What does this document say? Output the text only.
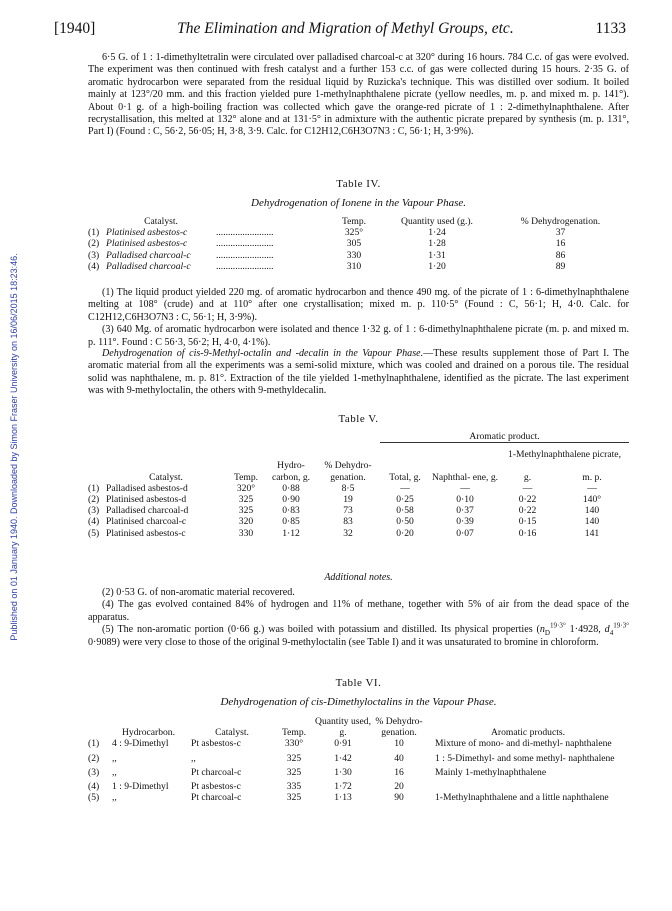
Published on 01 January 1940. Downloaded by Simon Fraser University on 16/06/2015 18:23:46.
[1940]	The Elimination and Migration of Methyl Groups, etc.	1133

6·5 G. of 1 : 1-dimethyltetralin were circulated over palladised charcoal-c at 320° during 16 hours. 784 C.c. of gas were evolved. The experiment was then continued with fresh catalyst and a further 153 c.c. of gas were collected during 15 hours. 2·35 G. of aromatic hydrocarbon were separated from the residual liquid by Ruzicka's technique. This was distilled over sodium. It boiled mainly at 123°/20 mm. and this fraction yielded pure 1-methylnaphthalene picrate (yellow needles, m. p. and mixed m. p. 141°). About 0·1 g. of a high-boiling fraction was collected which gave the orange-red picrate of 1 : 2-dimethylnaphthalene. After recrystallisation, this melted at 132° alone and at 131·5° in admixture with the authentic picrate prepared by synthesis (m. p. 131°, Part I) (Found : C, 56·2, 56·05; H, 3·8, 3·9. Calc. for C12H12,C6H3O7N3 : C, 56·1; H, 3·9%).

Table IV.
Dehydrogenation of Ionene in the Vapour Phase.
	Catalyst.		Temp.	Quantity used (g.).	% Dehydrogenation.
(1)	Platinised asbestos-c	........................	325°	1·24	37
(2)	Platinised asbestos-c	........................	305	1·28	16
(3)	Palladised charcoal-c	........................	330	1·31	86
(4)	Palladised charcoal-c	........................	310	1·20	89

(1) The liquid product yielded 220 mg. of aromatic hydrocarbon and thence 490 mg. of the picrate of 1 : 6-dimethylnaphthalene melting at 108° (crude) and at 110° after one crystallisation; mixed m. p. 110·5° (Found : C, 56·1; H, 4·0. Calc. for C12H12,C6H3O7N3 : C, 56·1; H, 3·9%).

(3) 640 Mg. of aromatic hydrocarbon were isolated and thence 1·32 g. of 1 : 6-dimethylnaphthalene picrate (m. p. and mixed m. p. 111°. Found : C 56·3, 56·2; H, 4·0, 4·1%).

Dehydrogenation of cis-9-Methyl-octalin and -decalin in the Vapour Phase.—These results supplement those of Part I. The aromatic material from all the experiments was a semi-solid mixture, which was cooled and drained on a porous tile. The residual solid was naphthalene, m. p. 81°. Extraction of the tile yielded 1-methylnaphthalene, identified as the picrate. The last experiment was with 9-methyloctalin, the others with 9-methyldecalin.

Table V.
					Aromatic product.			
							1-Methylnaphthalene picrate,	
	Catalyst.	Temp.	Hydro- carbon, g.	% Dehydro- genation.	Total, g.	Naphthal- ene, g.	g.	m. p.
(1)	Palladised asbestos-d	320°	0·88	8·5	—	—	—	—
(2)	Platinised asbestos-d	325	0·90	19	0·25	0·10	0·22	140°
(3)	Palladised charcoal-d	325	0·83	73	0·58	0·37	0·22	140
(4)	Platinised charcoal-c	320	0·85	83	0·50	0·39	0·15	140
(5)	Platinised asbestos-c	330	1·12	32	0·20	0·07	0·16	141
Additional notes.

(2) 0·53 G. of non-aromatic material recovered.

(4) The gas evolved contained 84% of hydrogen and 11% of methane, together with 5% of air from the dead space of the apparatus.

(5) The non-aromatic portion (0·66 g.) was boiled with potassium and distilled. Its physical properties ($n_D^{19\cdot 3^\circ}$ 1·4928, $d_4^{19\cdot 3^\circ}$ 0·9089) were very close to those of the original 9-methyloctalin (see Table I) and it was unsaturated to bromine in chloroform.

Table VI.
Dehydrogenation of cis-Dimethyloctalins in the Vapour Phase.
	Hydrocarbon.	Catalyst.	Temp.	Quantity used, g.	% Dehydro- genation.	Aromatic products.
(1)	4 : 9-Dimethyl	Pt asbestos-c	330°	0·91	10	Mixture of mono- and di-methyl- naphthalene
(2)	,,	,,	325	1·42	40	1 : 5-Dimethyl- and some methyl- naphthalene
(3)	,,	Pt charcoal-c	325	1·30	16	Mainly 1-methylnaphthalene
(4)	1 : 9-Dimethyl	Pt asbestos-c	335	1·72	20	
(5)	,,	Pt charcoal-c	325	1·13	90	1-Methylnaphthalene and a little naphthalene
